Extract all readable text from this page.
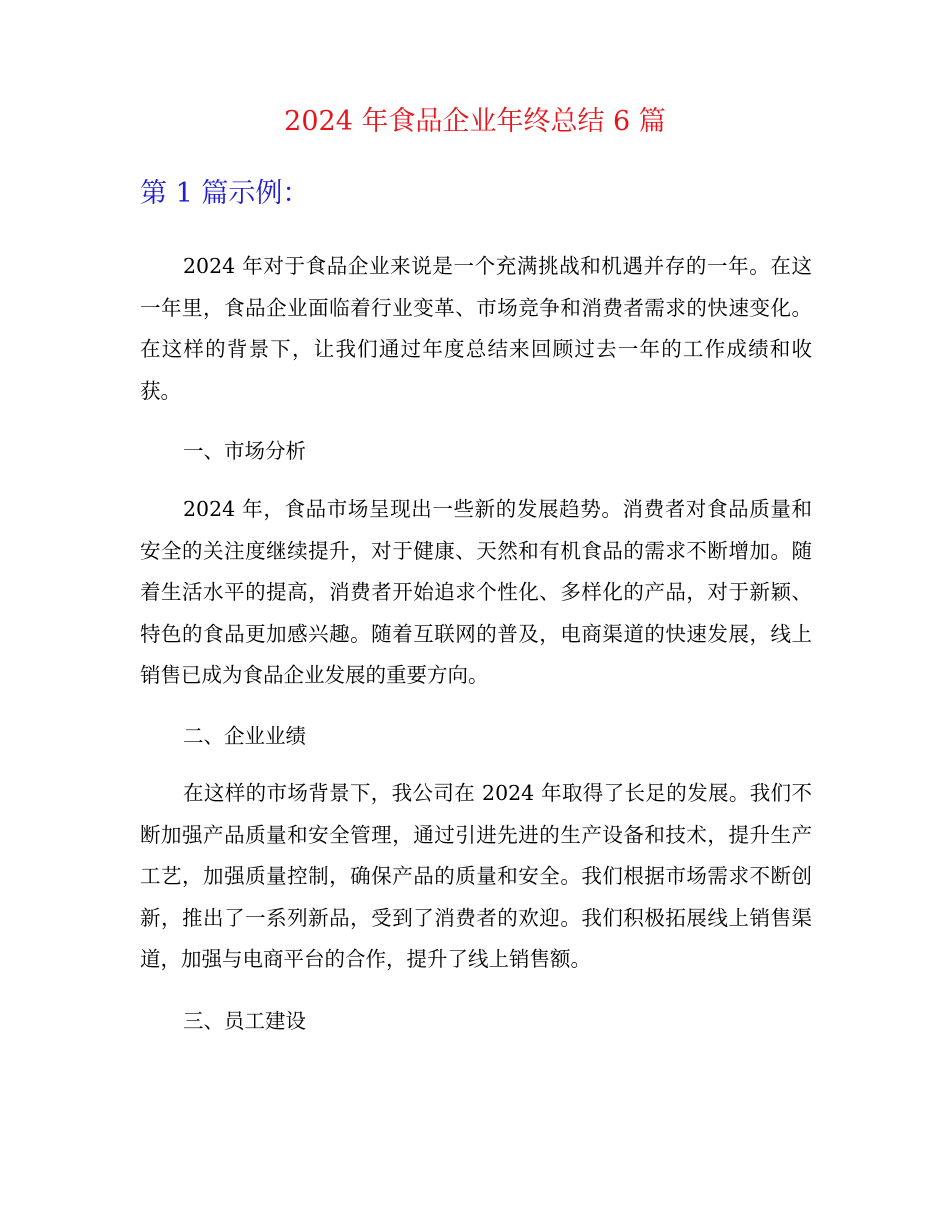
2024 年食品企业年终总结 6 篇
第 1 篇示例：

2024 年对于食品企业来说是一个充满挑战和机遇并存的一年。在这一年里，食品企业面临着行业变革、市场竞争和消费者需求的快速变化。在这样的背景下，让我们通过年度总结来回顾过去一年的工作成绩和收获。

一、市场分析

2024 年，食品市场呈现出一些新的发展趋势。消费者对食品质量和安全的关注度继续提升，对于健康、天然和有机食品的需求不断增加。随着生活水平的提高，消费者开始追求个性化、多样化的产品，对于新颖、特色的食品更加感兴趣。随着互联网的普及，电商渠道的快速发展，线上销售已成为食品企业发展的重要方向。

二、企业业绩

在这样的市场背景下，我公司在 2024 年取得了长足的发展。我们不断加强产品质量和安全管理，通过引进先进的生产设备和技术，提升生产工艺，加强质量控制，确保产品的质量和安全。我们根据市场需求不断创新，推出了一系列新品，受到了消费者的欢迎。我们积极拓展线上销售渠道，加强与电商平台的合作，提升了线上销售额。

三、员工建设
